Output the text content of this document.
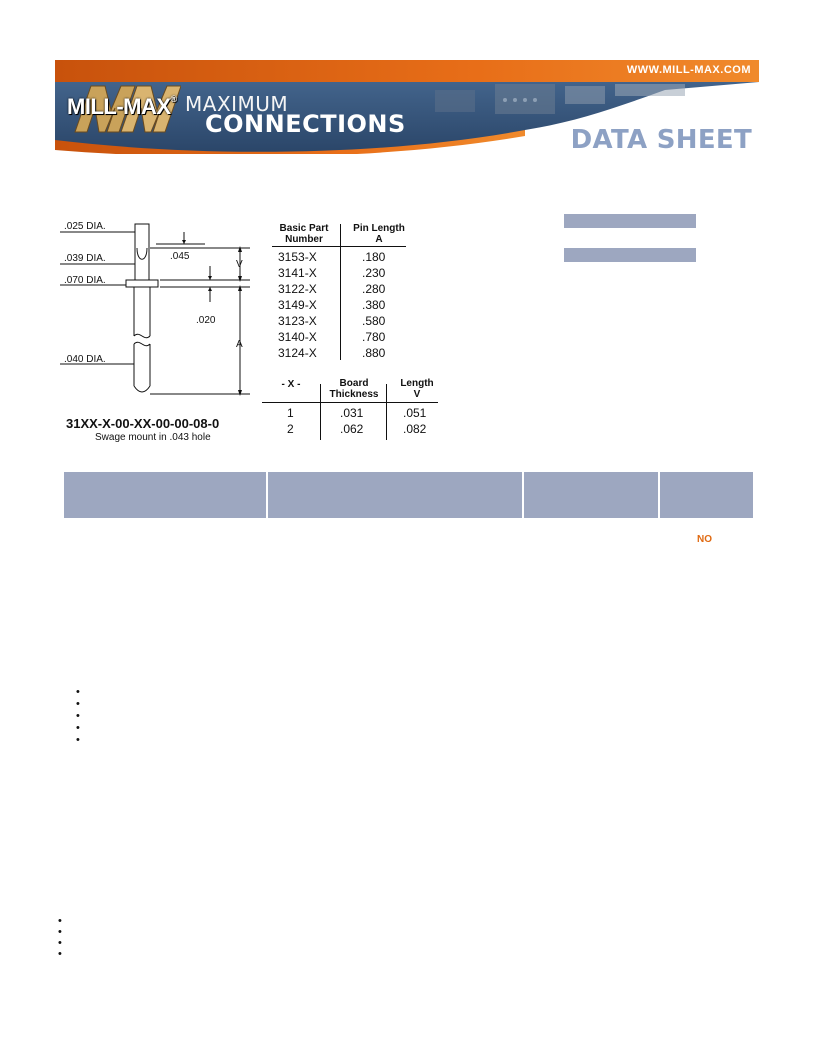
MILL-MAX® MAXIMUM
CONNECTIONS
WWW.MILL-MAX.COM
DATA SHEET
.025 DIA.
.039 DIA.
.070 DIA.
.040 DIA.
.045
.020
V
A
31XX-X-00-XX-00-00-08-0
Swage mount in .043 hole
Basic Part
Number
Pin Length
A
3153-X	.180
3141-X	.230
3122-X	.280
3149-X	.380
3123-X	.580
3140-X	.780
3124-X	.880
- X -	Board
Thickness
Length
V
1	.031	.051
2	.062	.082
NO
•
•
•
•
•
•
•
•
•
